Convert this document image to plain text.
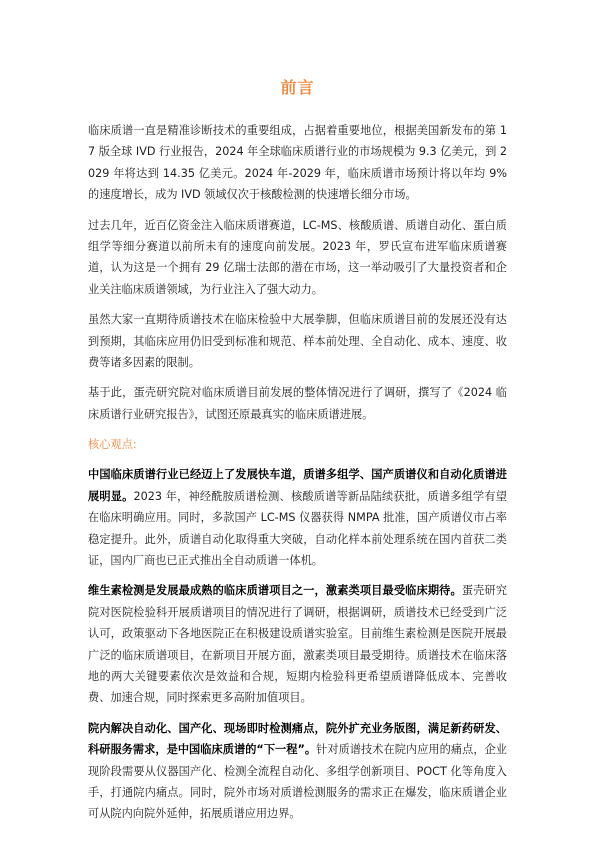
前言

临床质谱一直是精准诊断技术的重要组成，占据着重要地位，根据美国新发布的第 17 版全球 IVD 行业报告，2024 年全球临床质谱行业的市场规模为 9.3 亿美元，到 2029 年将达到 14.35 亿美元。2024 年-2029 年，临床质谱市场预计将以年均 9%的速度增长，成为 IVD 领域仅次于核酸检测的快速增长细分市场。

过去几年，近百亿资金注入临床质谱赛道，LC-MS、核酸质谱、质谱自动化、蛋白质组学等细分赛道以前所未有的速度向前发展。2023 年，罗氏宣布进军临床质谱赛道，认为这是一个拥有 29 亿瑞士法郎的潜在市场，这一举动吸引了大量投资者和企业关注临床质谱领域，为行业注入了强大动力。

虽然大家一直期待质谱技术在临床检验中大展拳脚，但临床质谱目前的发展还没有达到预期，其临床应用仍旧受到标准和规范、样本前处理、全自动化、成本、速度、收费等诸多因素的限制。

基于此，蛋壳研究院对临床质谱目前发展的整体情况进行了调研，撰写了《2024 临床质谱行业研究报告》，试图还原最真实的临床质谱进展。

核心观点:

中国临床质谱行业已经迈上了发展快车道，质谱多组学、国产质谱仪和自动化质谱进展明显。2023 年，神经酰胺质谱检测、核酸质谱等新品陆续获批，质谱多组学有望在临床明确应用。同时，多款国产 LC-MS 仪器获得 NMPA 批准，国产质谱仪市占率稳定提升。此外，质谱自动化取得重大突破，自动化样本前处理系统在国内首获二类证，国内厂商也已正式推出全自动质谱一体机。

维生素检测是发展最成熟的临床质谱项目之一，激素类项目最受临床期待。蛋壳研究院对医院检验科开展质谱项目的情况进行了调研，根据调研，质谱技术已经受到广泛认可，政策驱动下各地医院正在积极建设质谱实验室。目前维生素检测是医院开展最广泛的临床质谱项目，在新项目开展方面，激素类项目最受期待。质谱技术在临床落地的两大关键要素依次是效益和合规，短期内检验科更希望质谱降低成本、完善收费、加速合规，同时探索更多高附加值项目。

院内解决自动化、国产化、现场即时检测痛点，院外扩充业务版图，满足新药研发、科研服务需求，是中国临床质谱的“下一程”。针对质谱技术在院内应用的痛点，企业现阶段需要从仪器国产化、检测全流程自动化、多组学创新项目、POCT 化等角度入手，打通院内痛点。同时，院外市场对质谱检测服务的需求正在爆发，临床质谱企业可从院内向院外延伸，拓展质谱应用边界。
